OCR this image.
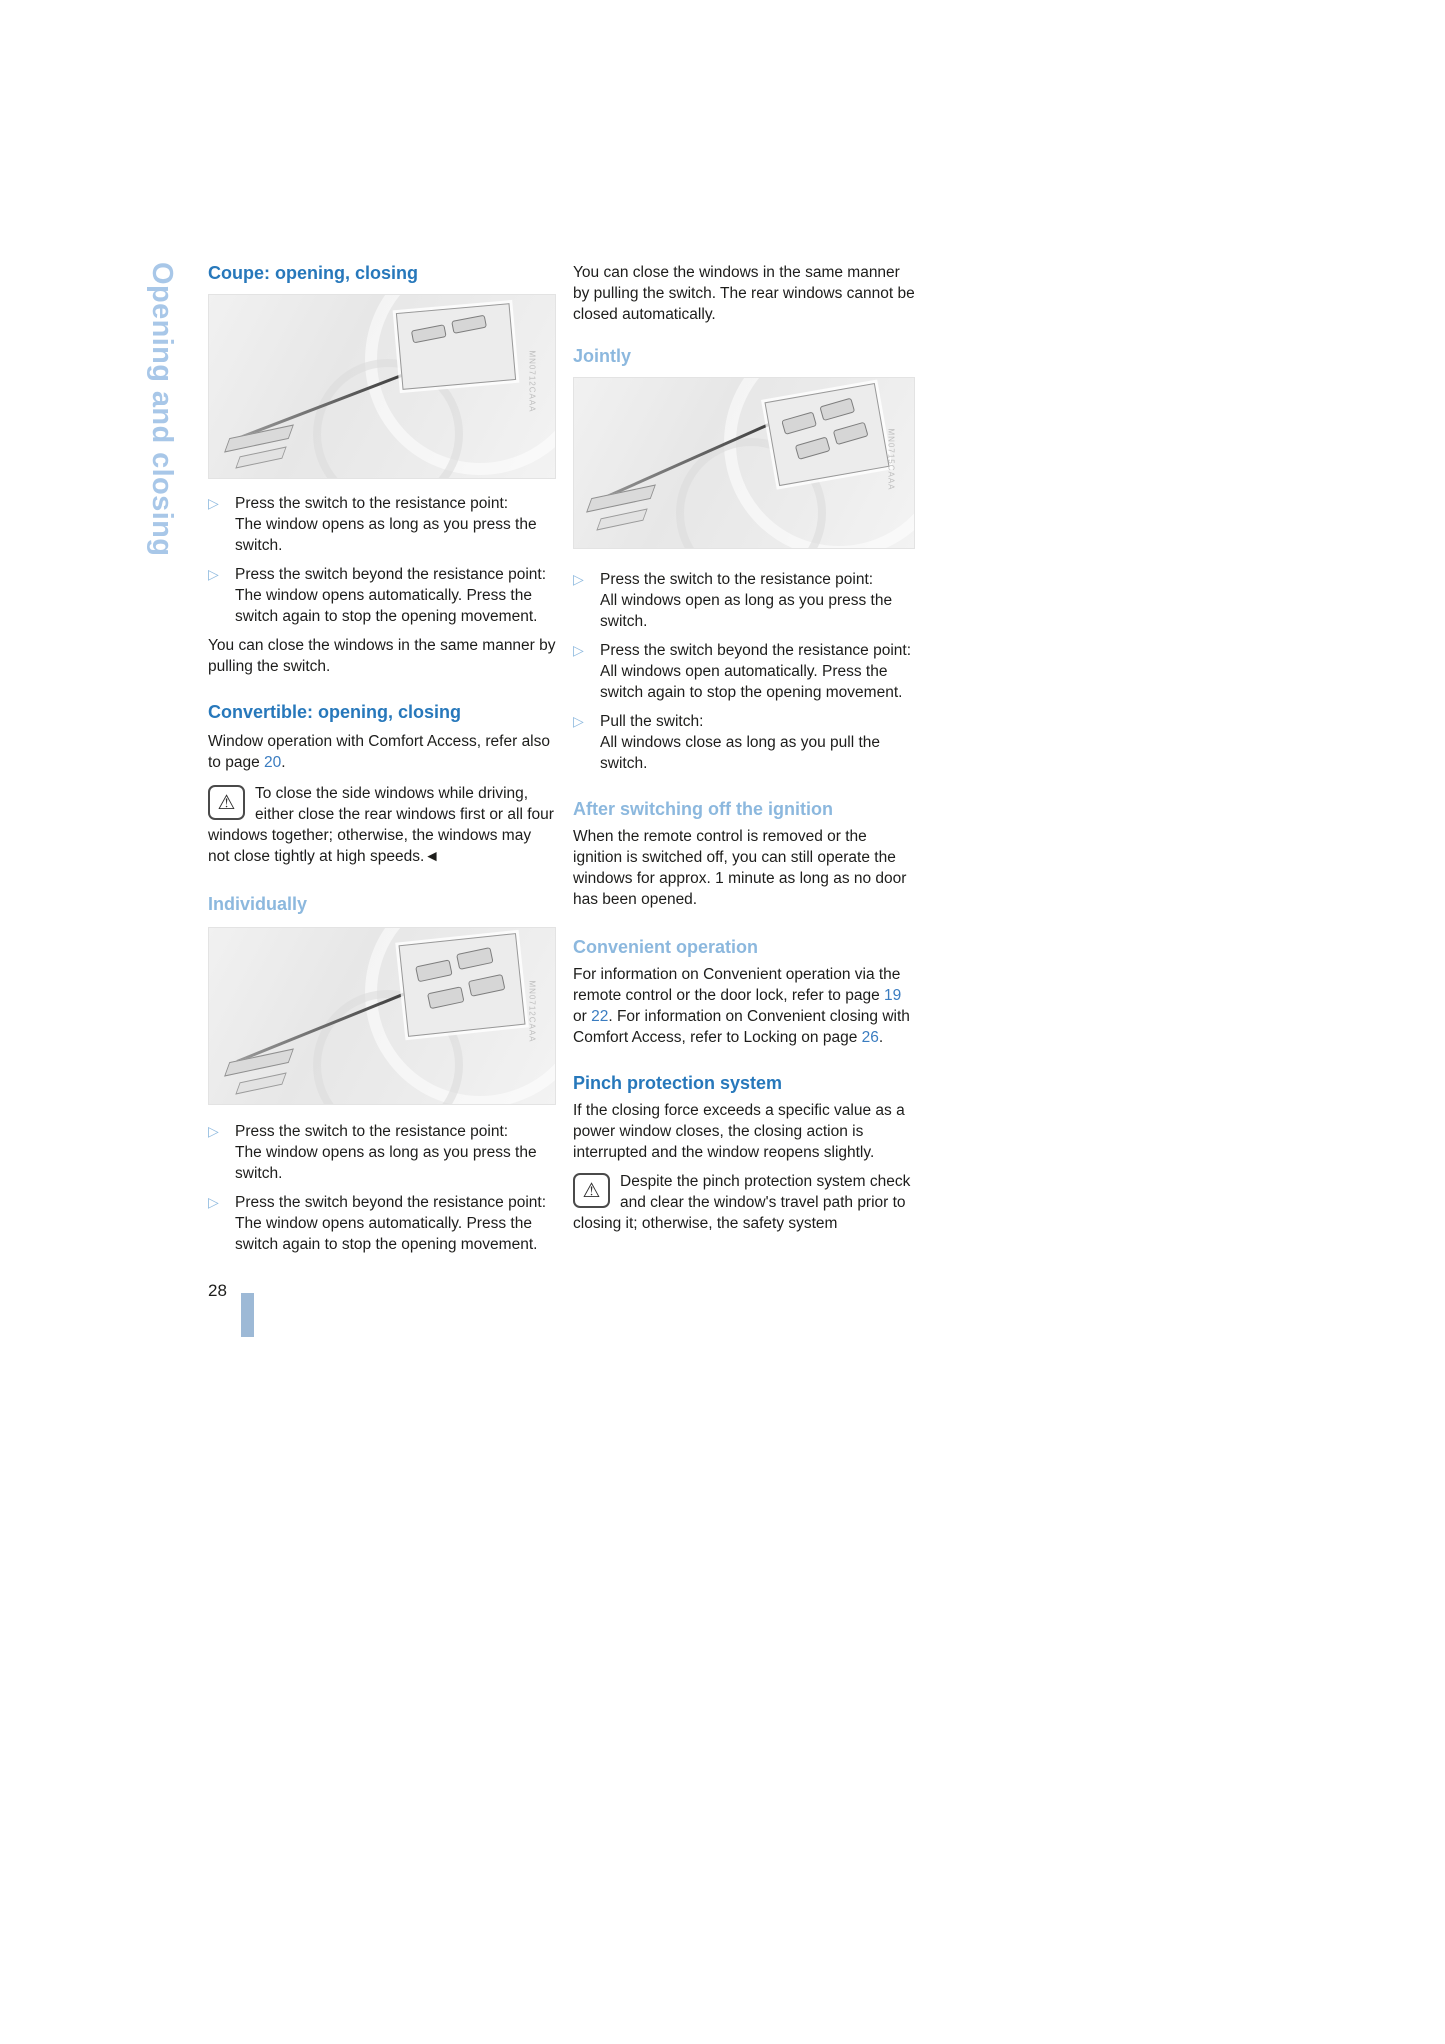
Opening and closing Coupe: opening, closing
MN0712CAAA
▷	Press the switch to the resistance point:
The window opens as long as you press the switch.
▷	Press the switch beyond the resistance point:
The window opens automatically. Press the switch again to stop the opening movement.

You can close the windows in the same manner by pulling the switch.

Convertible: opening, closing

Window operation with Comfort Access, refer also to page 20.

⚠	To close the side windows while driving, either close the rear windows first or all four windows together; otherwise, the windows may not close tightly at high speeds.◄
Individually
MN0712CAAA
▷	Press the switch to the resistance point:
The window opens as long as you press the switch.
▷	Press the switch beyond the resistance point:
The window opens automatically. Press the switch again to stop the opening movement.
28

You can close the windows in the same manner by pulling the switch. The rear windows cannot be closed automatically.

Jointly
MN0715CAAA
▷	Press the switch to the resistance point:
All windows open as long as you press the switch.
▷	Press the switch beyond the resistance point:
All windows open automatically. Press the switch again to stop the opening movement.
▷	Pull the switch:
All windows close as long as you pull the switch.
After switching off the ignition

When the remote control is removed or the ignition is switched off, you can still operate the windows for approx. 1 minute as long as no door has been opened.

Convenient operation

For information on Convenient operation via the remote control or the door lock, refer to page 19 or 22. For information on Convenient closing with Comfort Access, refer to Locking on page 26.

Pinch protection system

If the closing force exceeds a specific value as a power window closes, the closing action is interrupted and the window reopens slightly.

⚠	Despite the pinch protection system check and clear the window's travel path prior to closing it; otherwise, the safety system
